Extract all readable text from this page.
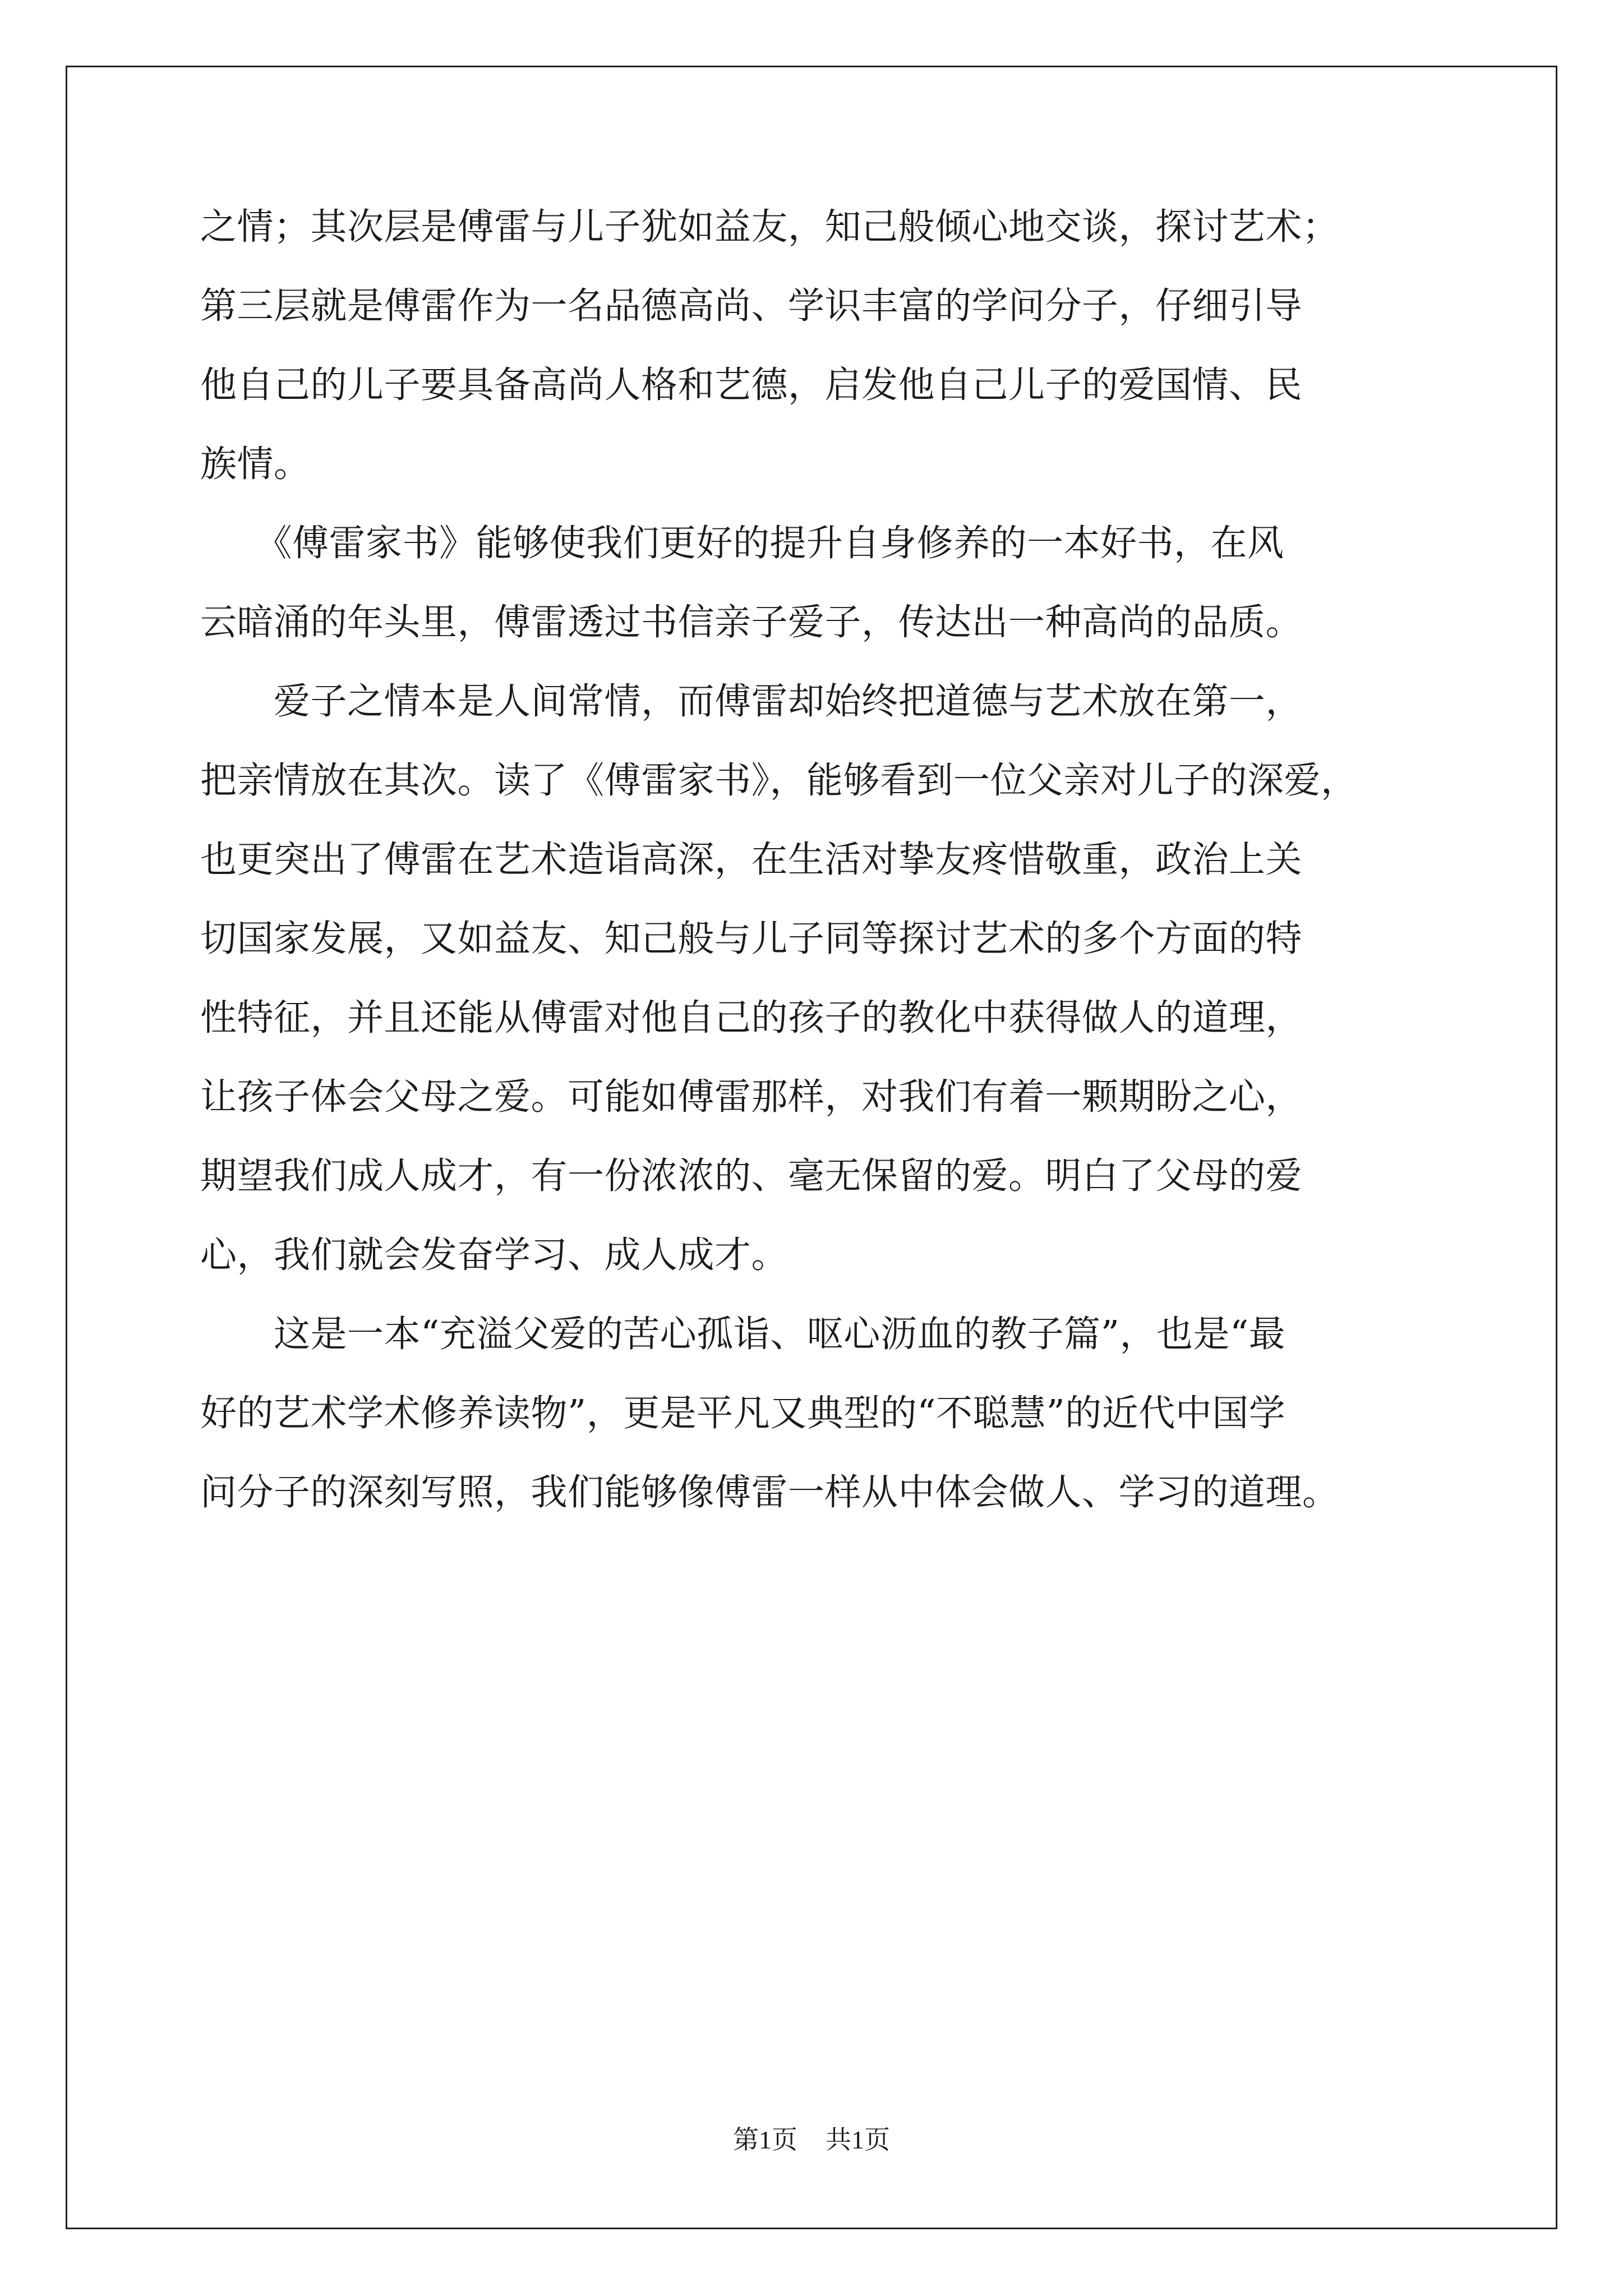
之情；其次层是傅雷与儿子犹如益友，知己般倾心地交谈，探讨艺术；

第三层就是傅雷作为一名品德高尚、学识丰富的学问分子，仔细引导

他自己的儿子要具备高尚人格和艺德，启发他自己儿子的爱国情、民

族情。

　　《傅雷家书》能够使我们更好的提升自身修养的一本好书，在风

云暗涌的年头里，傅雷透过书信亲子爱子，传达出一种高尚的品质。

　　爱子之情本是人间常情，而傅雷却始终把道德与艺术放在第一，

把亲情放在其次。读了《傅雷家书》，能够看到一位父亲对儿子的深爱，

也更突出了傅雷在艺术造诣高深，在生活对挚友疼惜敬重，政治上关

切国家发展，又如益友、知己般与儿子同等探讨艺术的多个方面的特

性特征，并且还能从傅雷对他自己的孩子的教化中获得做人的道理，

让孩子体会父母之爱。可能如傅雷那样，对我们有着一颗期盼之心，

期望我们成人成才，有一份浓浓的、毫无保留的爱。明白了父母的爱

心，我们就会发奋学习、成人成才。

　　这是一本“充溢父爱的苦心孤诣、呕心沥血的教子篇”，也是“最

好的艺术学术修养读物”，更是平凡又典型的“不聪慧”的近代中国学

问分子的深刻写照，我们能够像傅雷一样从中体会做人、学习的道理。

第1页 共1页
